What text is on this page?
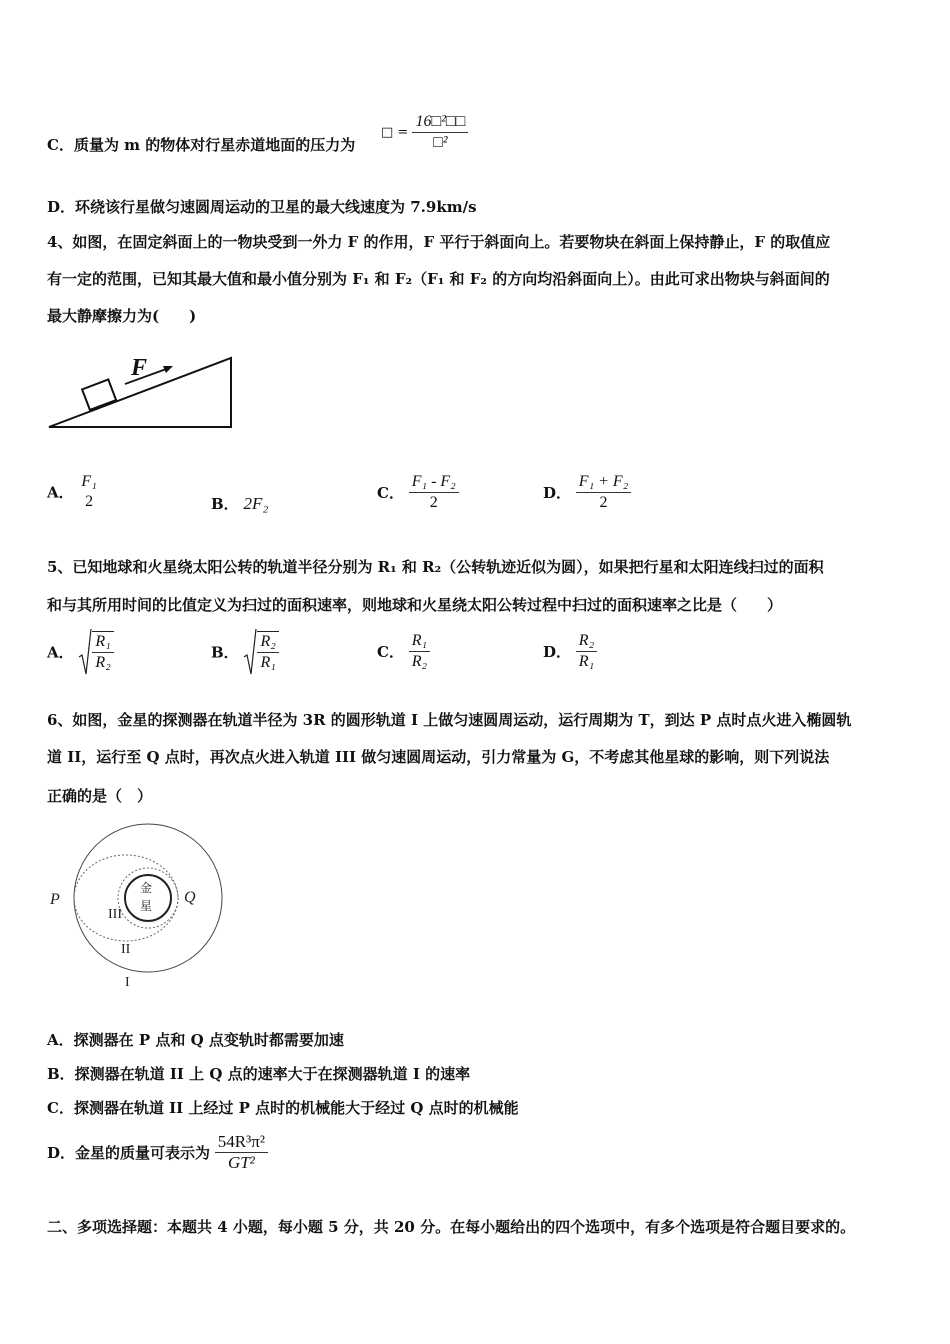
C．质量为 m 的物体对行星赤道地面的压力为
□ = $\frac{\text{16□²□□}}{\text{□²}}$
D．环绕该行星做匀速圆周运动的卫星的最大线速度为 7.9km/s
4、如图，在固定斜面上的一物块受到一外力 F 的作用，F 平行于斜面向上。若要物块在斜面上保持静止，F 的取值应
有一定的范围，已知其最大值和最小值分别为 F₁ 和 F₂（F₁ 和 F₂ 的方向均沿斜面向上）。由此可求出物块与斜面间的
最大静摩擦力为(　　)
F
A．
F₁
2	B． 2F₂
C． $\frac{\text{F₁ - F₂}}{2}$	D． $\frac{\text{F₁ + F₂}}{2}$
5、已知地球和火星绕太阳公转的轨道半径分别为 R₁ 和 R₂（公转轨迹近似为圆），如果把行星和太阳连线扫过的面积
和与其所用时间的比值定义为扫过的面积速率，则地球和火星绕太阳公转过程中扫过的面积速率之比是（　　）
A． $\frac{\text{R₁}}{\text{R₂}}$	B． $\frac{\text{R₂}}{\text{R₁}}$	C． $\frac{\text{R₁}}{\text{R₂}}$	D． $\frac{\text{R₂}}{\text{R₁}}$
6、如图，金星的探测器在轨道半径为 3R 的圆形轨道 I 上做匀速圆周运动，运行周期为 T，到达 P 点时点火进入椭圆轨
道 II，运行至 Q 点时，再次点火进入轨道 III 做匀速圆周运动，引力常量为 G，不考虑其他星球的影响，则下列说法
正确的是（　）
金
星
P	Q
III
II
I
A．探测器在 P 点和 Q 点变轨时都需要加速
B．探测器在轨道 II 上 Q 点的速率大于在探测器轨道 I 的速率
C．探测器在轨道 II 上经过 P 点时的机械能大于经过 Q 点时的机械能
D．金星的质量可表示为 $\frac{\text{54R³π²}}{\text{GT²}}$
二、多项选择题：本题共 4 小题，每小题 5 分，共 20 分。在每小题给出的四个选项中，有多个选项是符合题目要求的。
